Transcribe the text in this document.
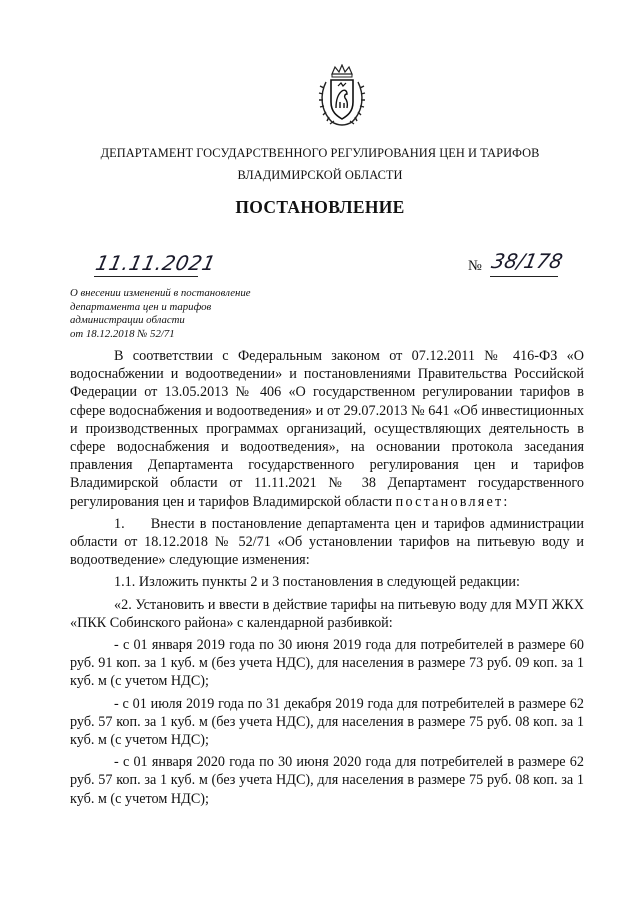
ДЕПАРТАМЕНТ ГОСУДАРСТВЕННОГО РЕГУЛИРОВАНИЯ ЦЕН И ТАРИФОВ
ВЛАДИМИРСКОЙ ОБЛАСТИ
ПОСТАНОВЛЕНИЕ
11.11.2021	№ 38/178
О внесении изменений в постановление
департамента цен и тарифов
администрации области
от 18.12.2018 № 52/71

В соответствии с Федеральным законом от 07.12.2011 № 416-ФЗ «О водоснабжении и водоотведении» и постановлениями Правительства Российской Федерации от 13.05.2013 № 406 «О государственном регулировании тарифов в сфере водоснабжения и водоотведения» и от 29.07.2013 № 641 «Об инвестиционных и производственных программах организаций, осуществляющих деятельность в сфере водоснабжения и водоотведения», на основании протокола заседания правления Департамента государственного регулирования цен и тарифов Владимирской области от 11.11.2021 № 38 Департамент государственного регулирования цен и тарифов Владимирской области постановляет:

1.     Внести в постановление департамента цен и тарифов администрации области от 18.12.2018 № 52/71 «Об установлении тарифов на питьевую воду и водоотведение» следующие изменения:

1.1. Изложить пункты 2 и 3 постановления в следующей редакции:

«2. Установить и ввести в действие тарифы на питьевую воду для МУП ЖКХ «ПКК Собинского района» с календарной разбивкой:

- с 01 января 2019 года по 30 июня 2019 года для потребителей в размере 60 руб. 91 коп. за 1 куб. м (без учета НДС), для населения в размере 73 руб. 09 коп. за 1 куб. м (с учетом НДС);

- с 01 июля 2019 года по 31 декабря 2019 года для потребителей в размере 62 руб. 57 коп. за 1 куб. м (без учета НДС), для населения в размере 75 руб. 08 коп. за 1 куб. м (с учетом НДС);

- с 01 января 2020 года по 30 июня 2020 года для потребителей в размере 62 руб. 57 коп. за 1 куб. м (без учета НДС), для населения в размере 75 руб. 08 коп. за 1 куб. м (с учетом НДС);
